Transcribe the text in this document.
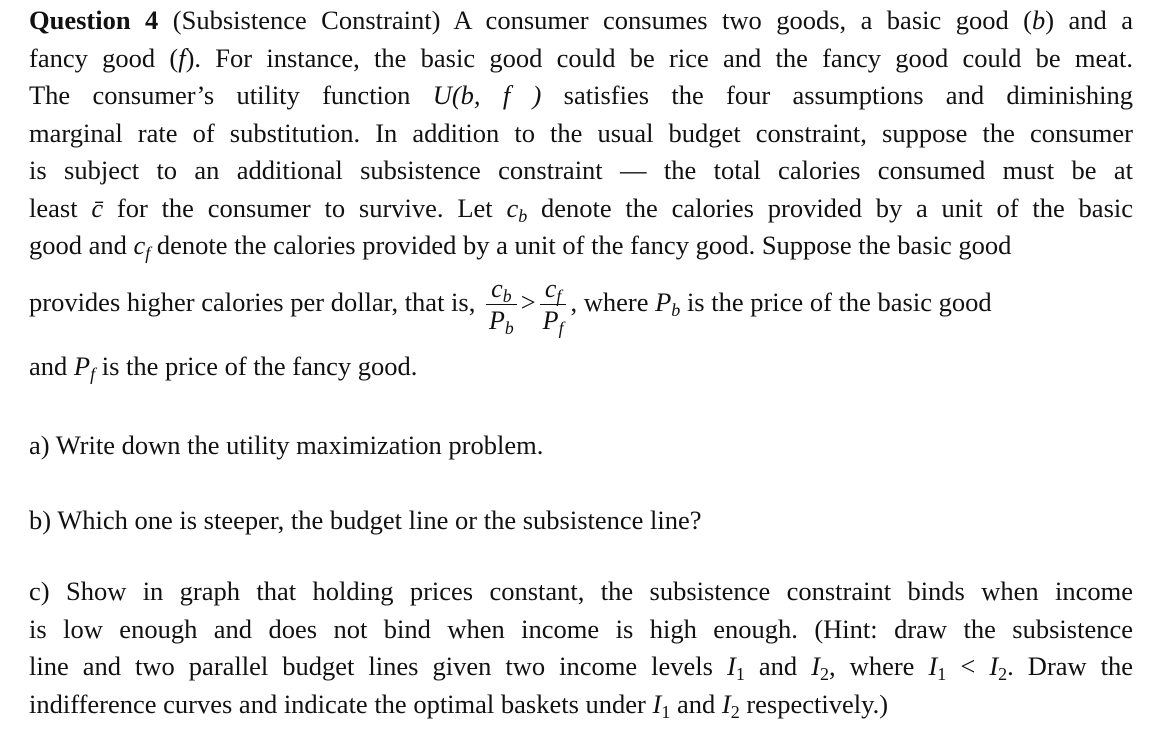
Question 4 (Subsistence Constraint) A consumer consumes two goods, a basic good (b) and a
fancy good (f). For instance, the basic good could be rice and the fancy good could be meat.
The consumer’s utility function U(b, f ) satisfies the four assumptions and diminishing
marginal rate of substitution. In addition to the usual budget constraint, suppose the consumer
is subject to an additional subsistence constraint — the total calories consumed must be at
least c̄ for the consumer to survive. Let $c_b$ denote the calories provided by a unit of the basic
good and $c_f$ denote the calories provided by a unit of the fancy good. Suppose the basic good
provides higher calories per dollar, that is, $\frac{c_b}{P_b} > \frac{c_f}{P_f}$ , where $P_b$ is the price of the basic good
and $P_f$ is the price of the fancy good.
a) Write down the utility maximization problem.
b) Which one is steeper, the budget line or the subsistence line?
c) Show in graph that holding prices constant, the subsistence constraint binds when income
is low enough and does not bind when income is high enough. (Hint: draw the subsistence
line and two parallel budget lines given two income levels $I_1$ and $I_2$, where $I_1 < I_2$. Draw the
indifference curves and indicate the optimal baskets under $I_1$ and $I_2$ respectively.)
